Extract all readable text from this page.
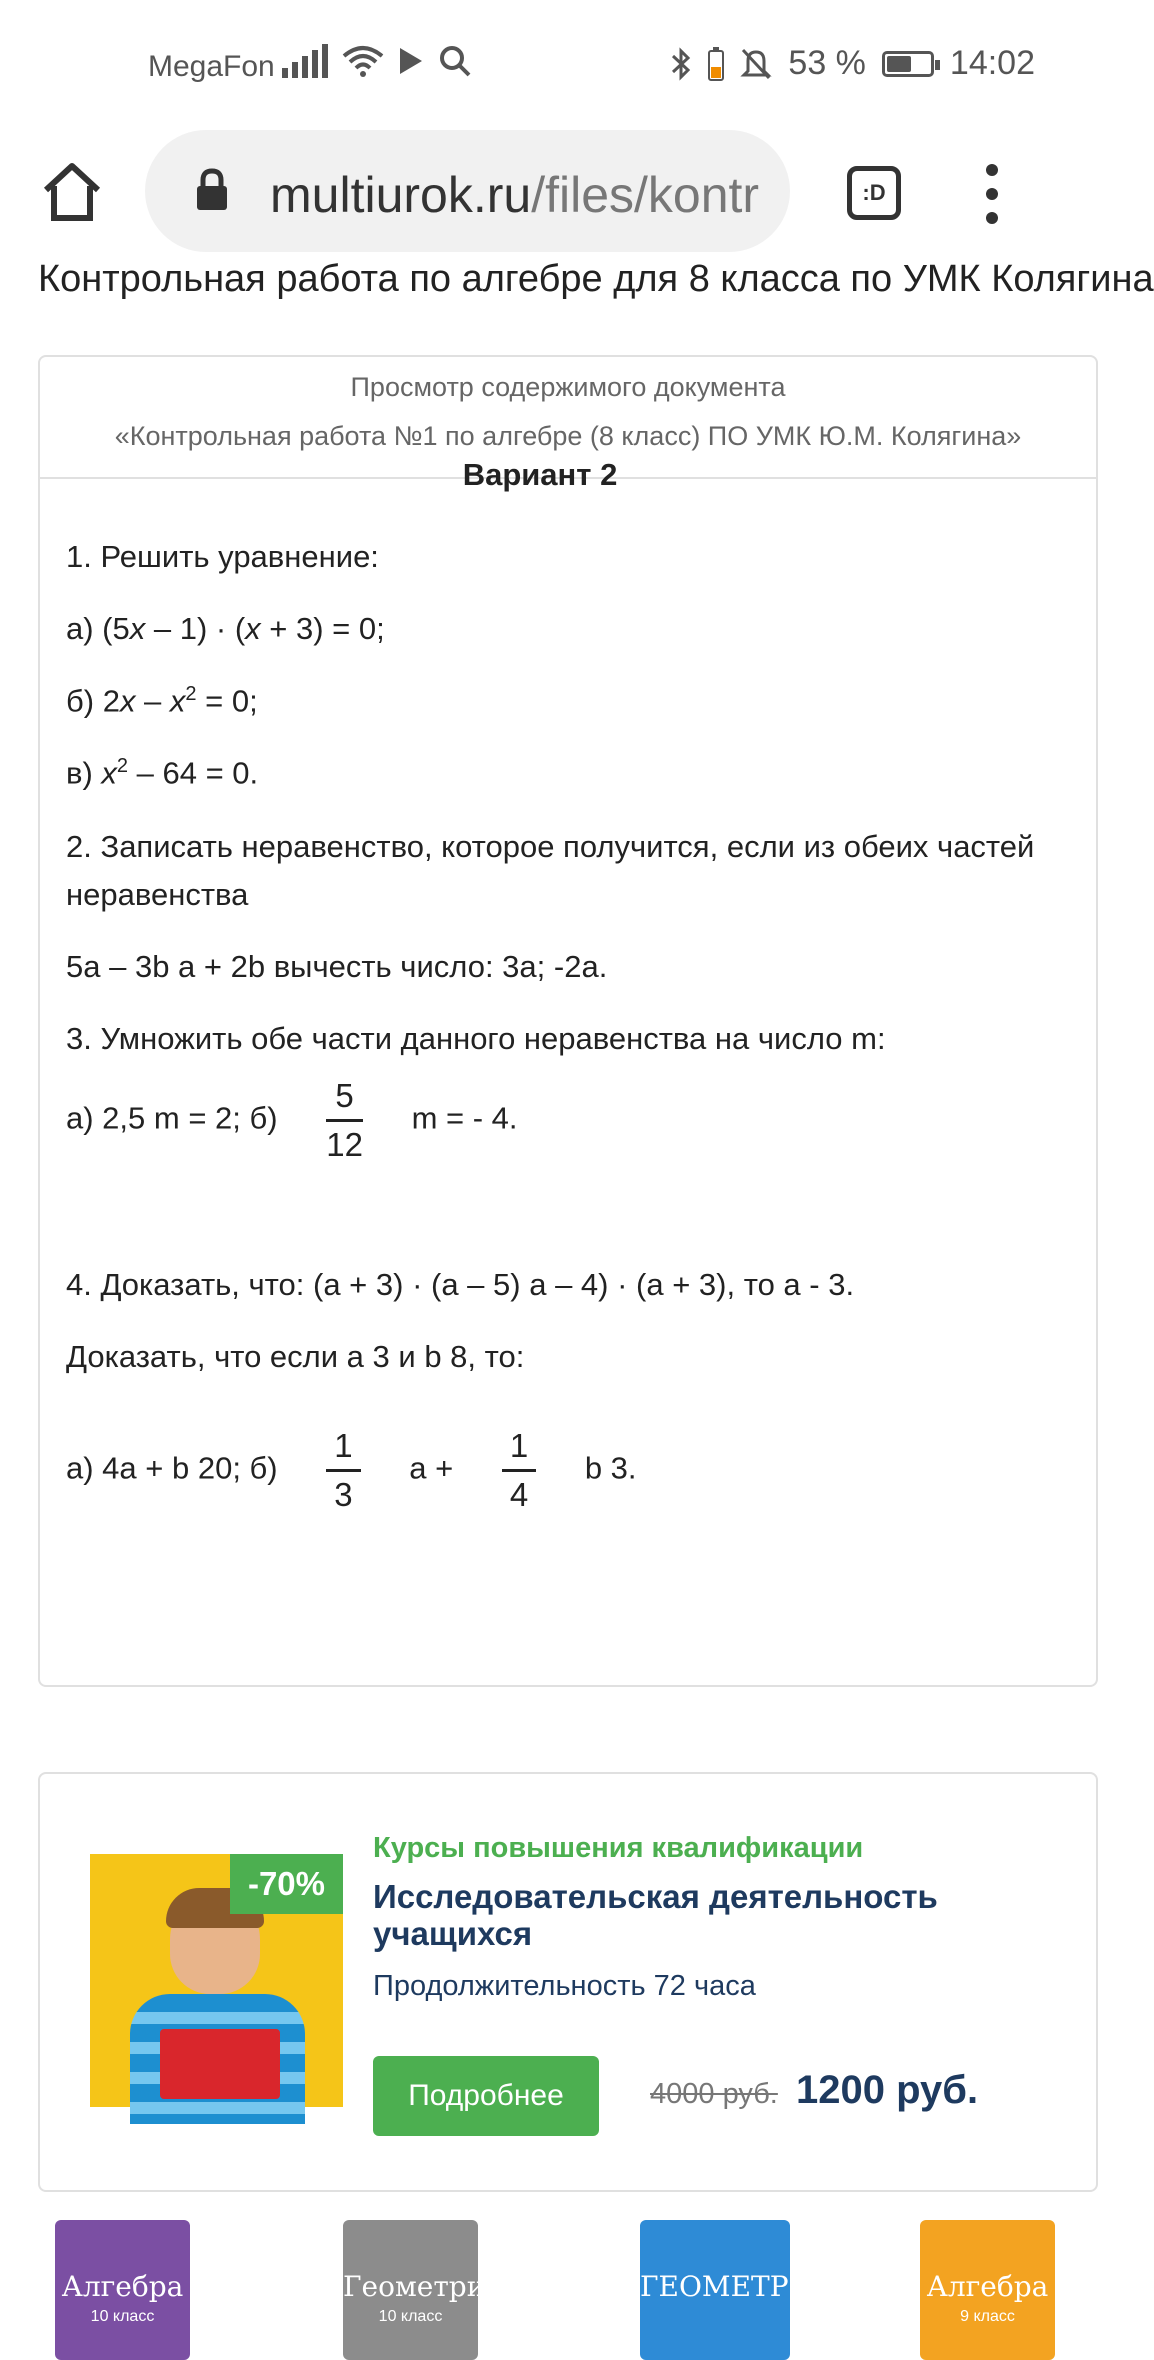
MegaFon	53 % 14:02
multiurok.ru/files/kontr	:D
Контрольная работа по алгебре для 8 класса по УМК Колягина
Просмотр содержимого документа
«Контрольная работа №1 по алгебре (8 класс) ПО УМК Ю.М. Колягина»
Вариант 2

1. Решить уравнение:

а) (5x – 1) · (x + 3) = 0;

б) $2x - x^2 = 0$;

в) $x^2 - 64 = 0$.

2. Записать неравенство, которое получится, если из обеих частей

неравенства

5a – 3b a + 2b вычесть число: 3a; -2a.

3. Умножить обе части данного неравенства на число m:

а) 2,5 m = 2; $б) \frac{5}{12}$ m = - 4.

4. Доказать, что: (a + 3) · (a – 5) a – 4) · (a + 3), то a - 3.

Доказать, что если a 3 и b 8, то:

а) 4a + b 20; $б) \frac{1}{3}$ $a + \frac{1}{4}$ b 3.

-70%
Курсы повышения квалификации
Исследовательская деятельность учащихся
Продолжительность 72 часа
Подробнее	4000 руб. 1200 руб.
Алгебра
10 класс
Геометрия
10 класс
ГЕОМЕТРИЯ	Алгебра
9 класс
